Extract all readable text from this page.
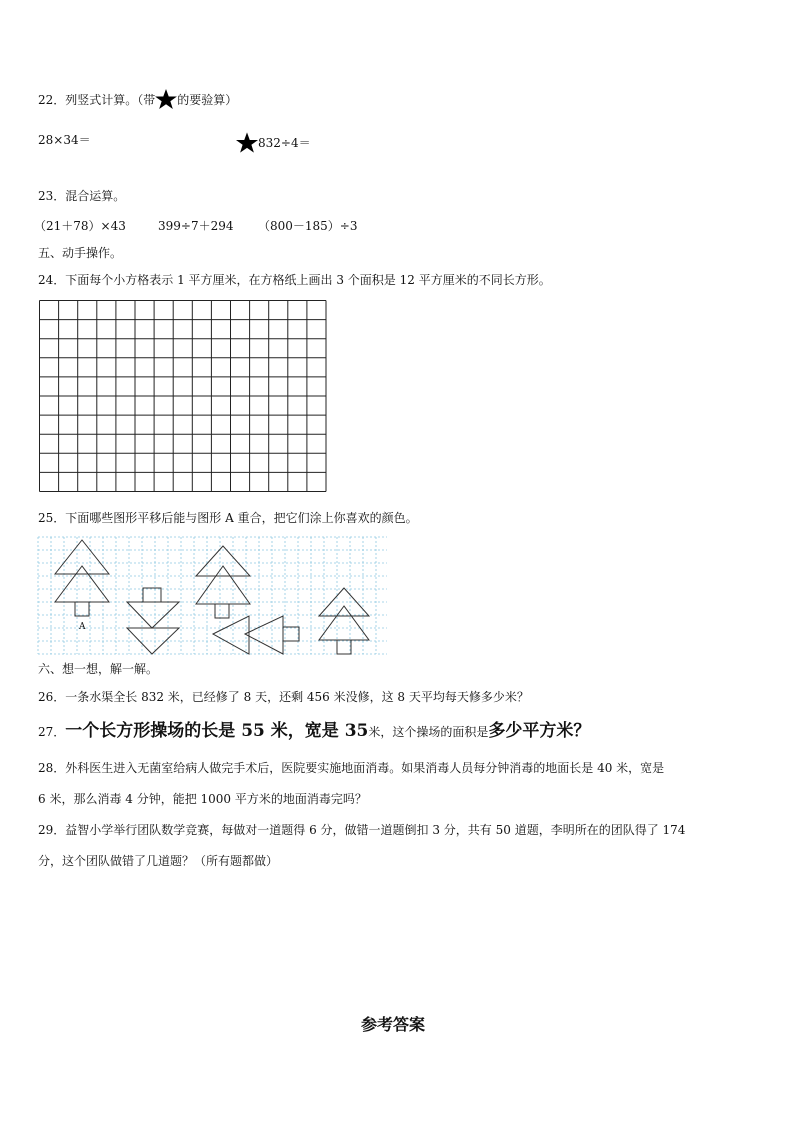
22．列竖式计算。（带 的要验算）
28×34＝	832÷4＝
23．混合运算。
（21＋78）×43	399÷7＋294 （800－185）÷3
五、动手操作。
24．下面每个小方格表示 1 平方厘米，在方格纸上画出 3 个面积是 12 平方厘米的不同长方形。
25．下面哪些图形平移后能与图形 A 重合，把它们涂上你喜欢的颜色。
A
六、想一想，解一解。
26．一条水渠全长 832 米，已经修了 8 天，还剩 456 米没修，这 8 天平均每天修多少米？
27．一个长方形操场的长是 55 米，宽是 35米，这个操场的面积是多少平方米？
28．外科医生进入无菌室给病人做完手术后，医院要实施地面消毒。如果消毒人员每分钟消毒的地面长是 40 米，宽是
6 米，那么消毒 4 分钟，能把 1000 平方米的地面消毒完吗？
29．益智小学举行团队数学竞赛，每做对一道题得 6 分，做错一道题倒扣 3 分，共有 50 道题，李明所在的团队得了 174
分，这个团队做错了几道题？（所有题都做）
参考答案
